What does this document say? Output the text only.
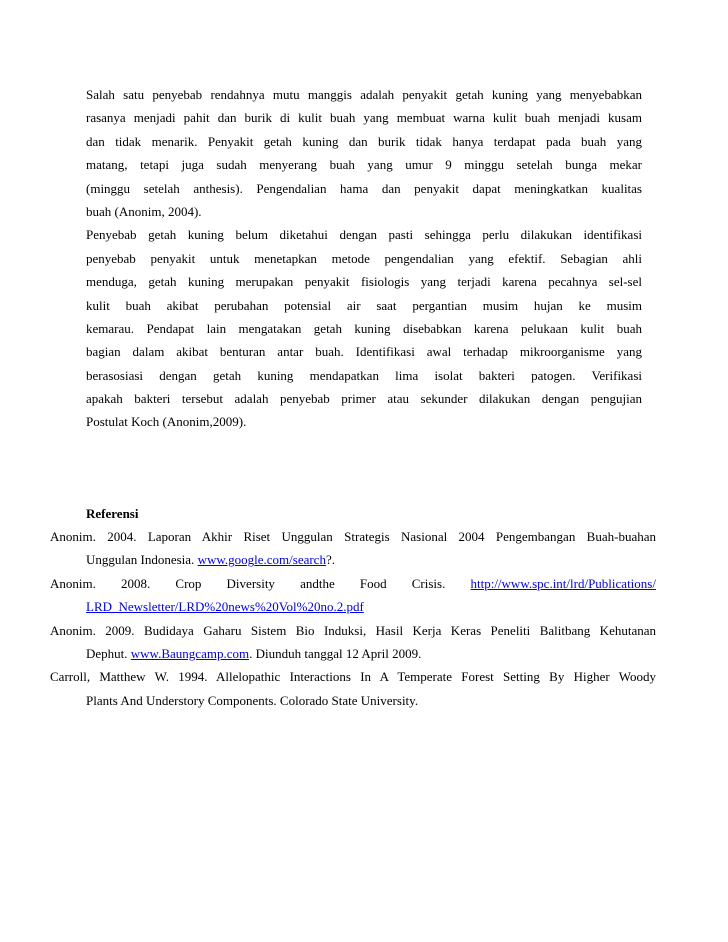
Salah satu penyebab rendahnya mutu manggis adalah penyakit getah kuning yang menyebabkan
rasanya menjadi pahit dan burik di kulit buah yang membuat warna kulit buah menjadi kusam
dan tidak menarik. Penyakit getah kuning dan burik tidak hanya terdapat pada buah yang
matang, tetapi juga sudah menyerang buah yang umur 9 minggu setelah bunga mekar
(minggu setelah anthesis). Pengendalian hama dan penyakit dapat meningkatkan kualitas
buah (Anonim, 2004).
Penyebab getah kuning belum diketahui dengan pasti sehingga perlu dilakukan identifikasi
penyebab penyakit untuk menetapkan metode pengendalian yang efektif. Sebagian ahli
menduga, getah kuning merupakan penyakit fisiologis yang terjadi karena pecahnya sel-sel
kulit buah akibat perubahan potensial air saat pergantian musim hujan ke musim
kemarau. Pendapat lain mengatakan getah kuning disebabkan karena pelukaan kulit buah
bagian dalam akibat benturan antar buah. Identifikasi awal terhadap mikroorganisme yang
berasosiasi dengan getah kuning mendapatkan lima isolat bakteri patogen. Verifikasi
apakah bakteri tersebut adalah penyebab primer atau sekunder dilakukan dengan pengujian
Postulat Koch (Anonim,2009).
Referensi
Anonim. 2004. Laporan Akhir Riset Unggulan Strategis Nasional 2004 Pengembangan Buah-buahan
Unggulan Indonesia. www.google.com/search?.
Anonim. 2008. Crop Diversity andthe Food Crisis. http://www.spc.int/lrd/Publications/
LRD_Newsletter/LRD%20news%20Vol%20no.2.pdf
Anonim. 2009. Budidaya Gaharu Sistem Bio Induksi, Hasil Kerja Keras Peneliti Balitbang Kehutanan
Dephut. www.Baungcamp.com. Diunduh tanggal 12 April 2009.
Carroll, Matthew W. 1994. Allelopathic Interactions In A Temperate Forest Setting By Higher Woody
Plants And Understory Components. Colorado State University.
